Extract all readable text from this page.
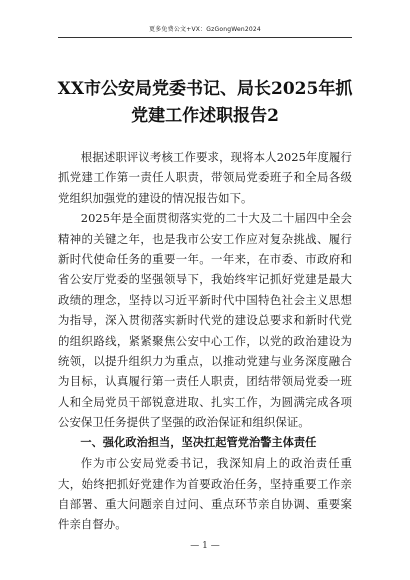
更多免费公文+VX：GzGongWen2024
XX市公安局党委书记、局长2025年抓党建工作述职报告2

根据述职评议考核工作要求，现将本人2025年度履行抓党建工作第一责任人职责，带领局党委班子和全局各级党组织加强党的建设的情况报告如下。

2025年是全面贯彻落实党的二十大及二十届四中全会精神的关键之年，也是我市公安工作应对复杂挑战、履行新时代使命任务的重要一年。一年来，在市委、市政府和省公安厅党委的坚强领导下，我始终牢记抓好党建是最大政绩的理念，坚持以习近平新时代中国特色社会主义思想为指导，深入贯彻落实新时代党的建设总要求和新时代党的组织路线，紧紧聚焦公安中心工作，以党的政治建设为统领，以提升组织力为重点，以推动党建与业务深度融合为目标，认真履行第一责任人职责，团结带领局党委一班人和全局党员干部锐意进取、扎实工作，为圆满完成各项公安保卫任务提供了坚强的政治保证和组织保证。

一、强化政治担当，坚决扛起管党治警主体责任

作为市公安局党委书记，我深知肩上的政治责任重大，始终把抓好党建作为首要政治任务，坚持重要工作亲自部署、重大问题亲自过问、重点环节亲自协调、重要案件亲自督办。

— 1 —
